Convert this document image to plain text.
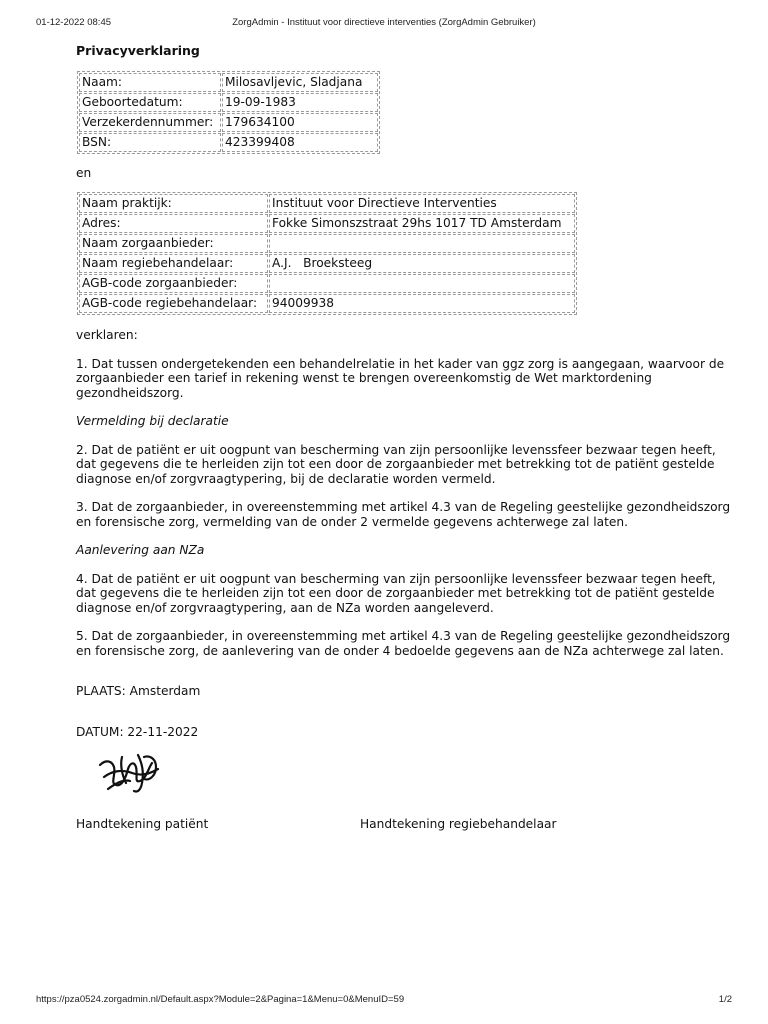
01-12-2022 08:45	ZorgAdmin - Instituut voor directieve interventies (ZorgAdmin Gebruiker)

Privacyverklaring

Naam:	Milosavljevic, Sladjana
Geboortedatum:	19-09-1983
Verzekerdennummer:	179634100
BSN:	423399408

en

Naam praktijk:	Instituut voor Directieve Interventies
Adres:	Fokke Simonszstraat 29hs 1017 TD Amsterdam
Naam zorgaanbieder:	
Naam regiebehandelaar:	A.J.   Broeksteeg
AGB-code zorgaanbieder:	
AGB-code regiebehandelaar:	94009938

verklaren:

1. Dat tussen ondergetekenden een behandelrelatie in het kader van ggz zorg is aangegaan, waarvoor de zorgaanbieder een tarief in rekening wenst te brengen overeenkomstig de Wet marktordening gezondheidszorg.

Vermelding bij declaratie

2. Dat de patiënt er uit oogpunt van bescherming van zijn persoonlijke levenssfeer bezwaar tegen heeft, dat gegevens die te herleiden zijn tot een door de zorgaanbieder met betrekking tot de patiënt gestelde diagnose en/of zorgvraagtypering, bij de declaratie worden vermeld.

3. Dat de zorgaanbieder, in overeenstemming met artikel 4.3 van de Regeling geestelijke gezondheidszorg en forensische zorg, vermelding van de onder 2 vermelde gegevens achterwege zal laten.

Aanlevering aan NZa

4. Dat de patiënt er uit oogpunt van bescherming van zijn persoonlijke levenssfeer bezwaar tegen heeft, dat gegevens die te herleiden zijn tot een door de zorgaanbieder met betrekking tot de patiënt gestelde diagnose en/of zorgvraagtypering, aan de NZa worden aangeleverd.

5. Dat de zorgaanbieder, in overeenstemming met artikel 4.3 van de Regeling geestelijke gezondheidszorg en forensische zorg, de aanlevering van de onder 4 bedoelde gegevens aan de NZa achterwege zal laten.

PLAATS: Amsterdam

DATUM: 22-11-2022

Handtekening patiënt	Handtekening regiebehandelaar
https://pza0524.zorgadmin.nl/Default.aspx?Module=2&Pagina=1&Menu=0&MenuID=59	1/2
